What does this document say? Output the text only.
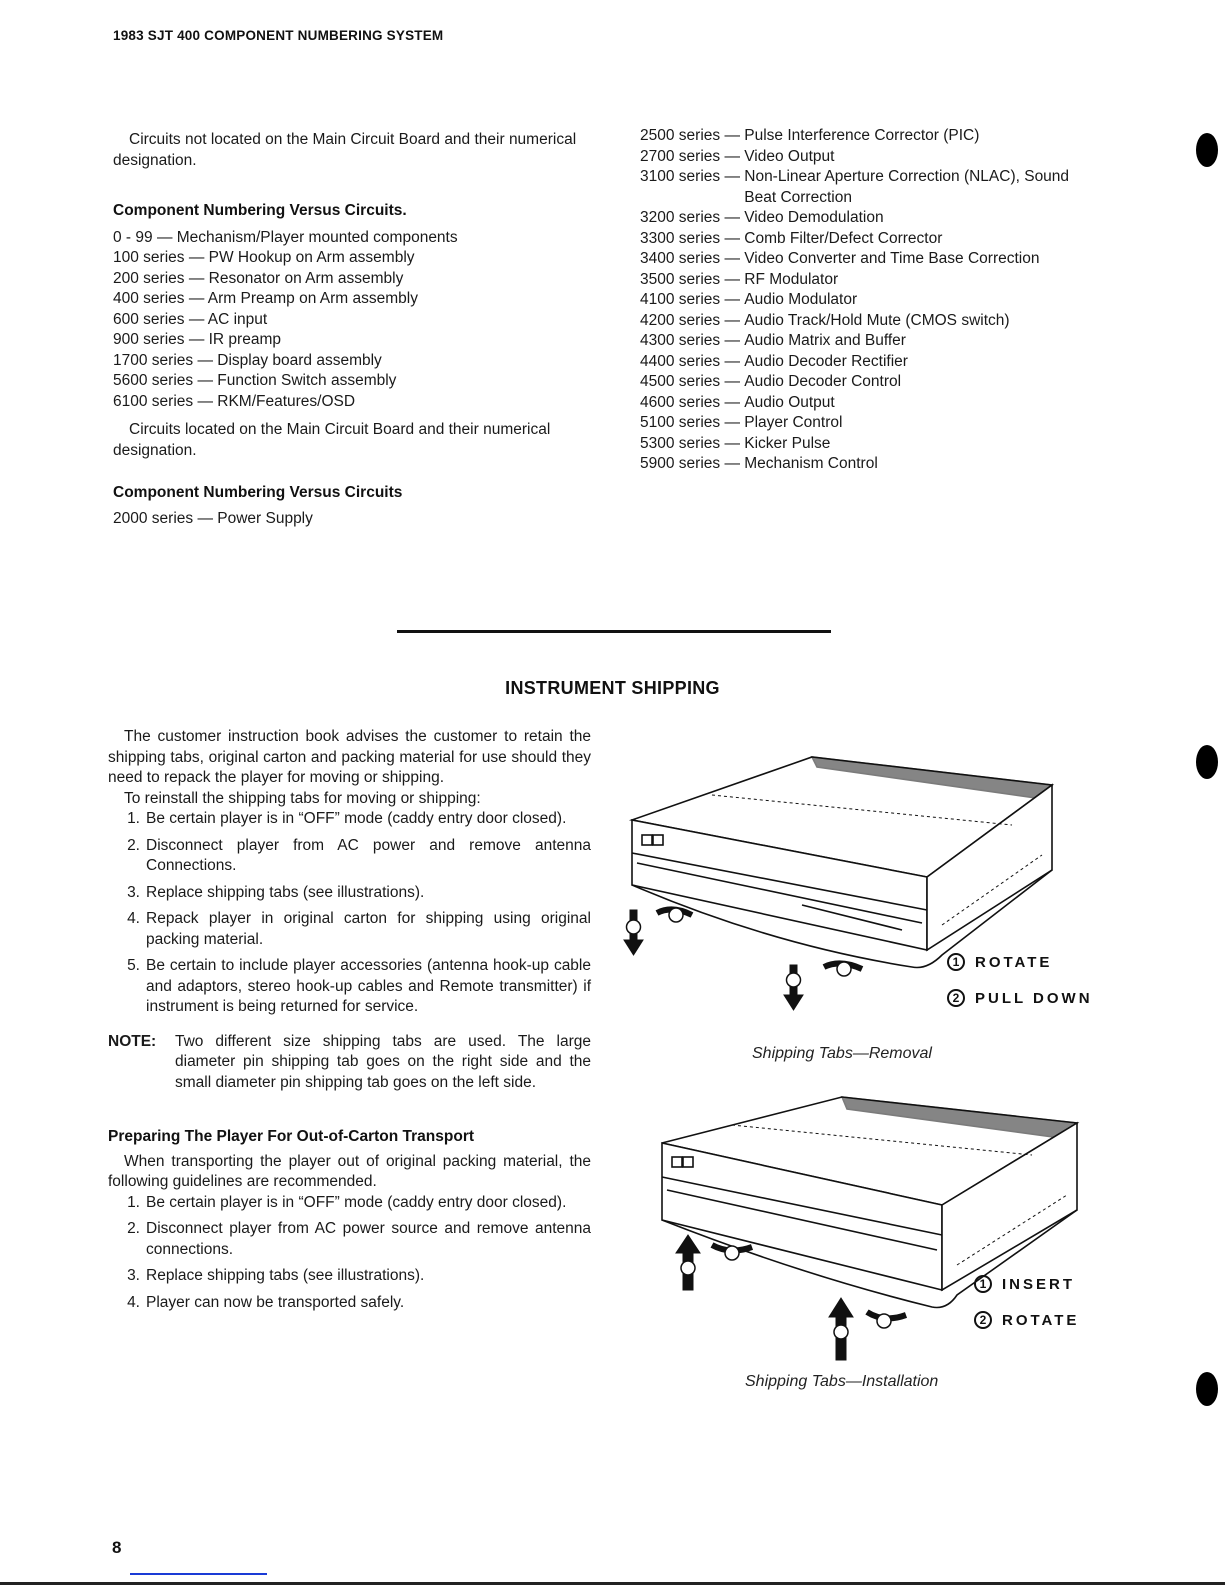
1983 SJT 400 COMPONENT NUMBERING SYSTEM
Circuits not located on the Main Circuit Board and their numerical designation.
Component Numbering Versus Circuits.
0 - 99 — Mechanism/Player mounted components
100 series — PW Hookup on Arm assembly
200 series — Resonator on Arm assembly
400 series — Arm Preamp on Arm assembly
600 series — AC input
900 series — IR preamp
1700 series — Display board assembly
5600 series — Function Switch assembly
6100 series — RKM/Features/OSD
Circuits located on the Main Circuit Board and their numerical designation.
Component Numbering Versus Circuits
2000 series — Power Supply
2500 series — Pulse Interference Corrector (PIC)
2700 series — Video Output
3100 series — Non-Linear Aperture Correction (NLAC), Sound Beat Correction
3200 series — Video Demodulation
3300 series — Comb Filter/Defect Corrector
3400 series — Video Converter and Time Base Correction
3500 series — RF Modulator
4100 series — Audio Modulator
4200 series — Audio Track/Hold Mute (CMOS switch)
4300 series — Audio Matrix and Buffer
4400 series — Audio Decoder Rectifier
4500 series — Audio Decoder Control
4600 series — Audio Output
5100 series — Player Control
5300 series — Kicker Pulse
5900 series — Mechanism Control
INSTRUMENT SHIPPING
The customer instruction book advises the customer to retain the shipping tabs, original carton and packing material for use should they need to repack the player for moving or shipping.
To reinstall the shipping tabs for moving or shipping:
1. Be certain player is in “OFF” mode (caddy entry door closed).
2. Disconnect player from AC power and remove antenna Connections.
3. Replace shipping tabs (see illustrations).
4. Repack player in original carton for shipping using original packing material.
5. Be certain to include player accessories (antenna hook-up cable and adaptors, stereo hook-up cables and Remote transmitter) if instrument is being returned for service.
NOTE:	Two different size shipping tabs are used. The large diameter pin shipping tab goes on the right side and the small diameter pin shipping tab goes on the left side.
Preparing The Player For Out-of-Carton Transport
When transporting the player out of original packing material, the following guidelines are recommended.
1. Be certain player is in “OFF” mode (caddy entry door closed).
2. Disconnect player from AC power source and remove antenna connections.
3. Replace shipping tabs (see illustrations).
4. Player can now be transported safely.
1	ROTATE
2	PULL DOWN
Shipping Tabs—Removal
1	INSERT
2	ROTATE
Shipping Tabs—Installation
8
